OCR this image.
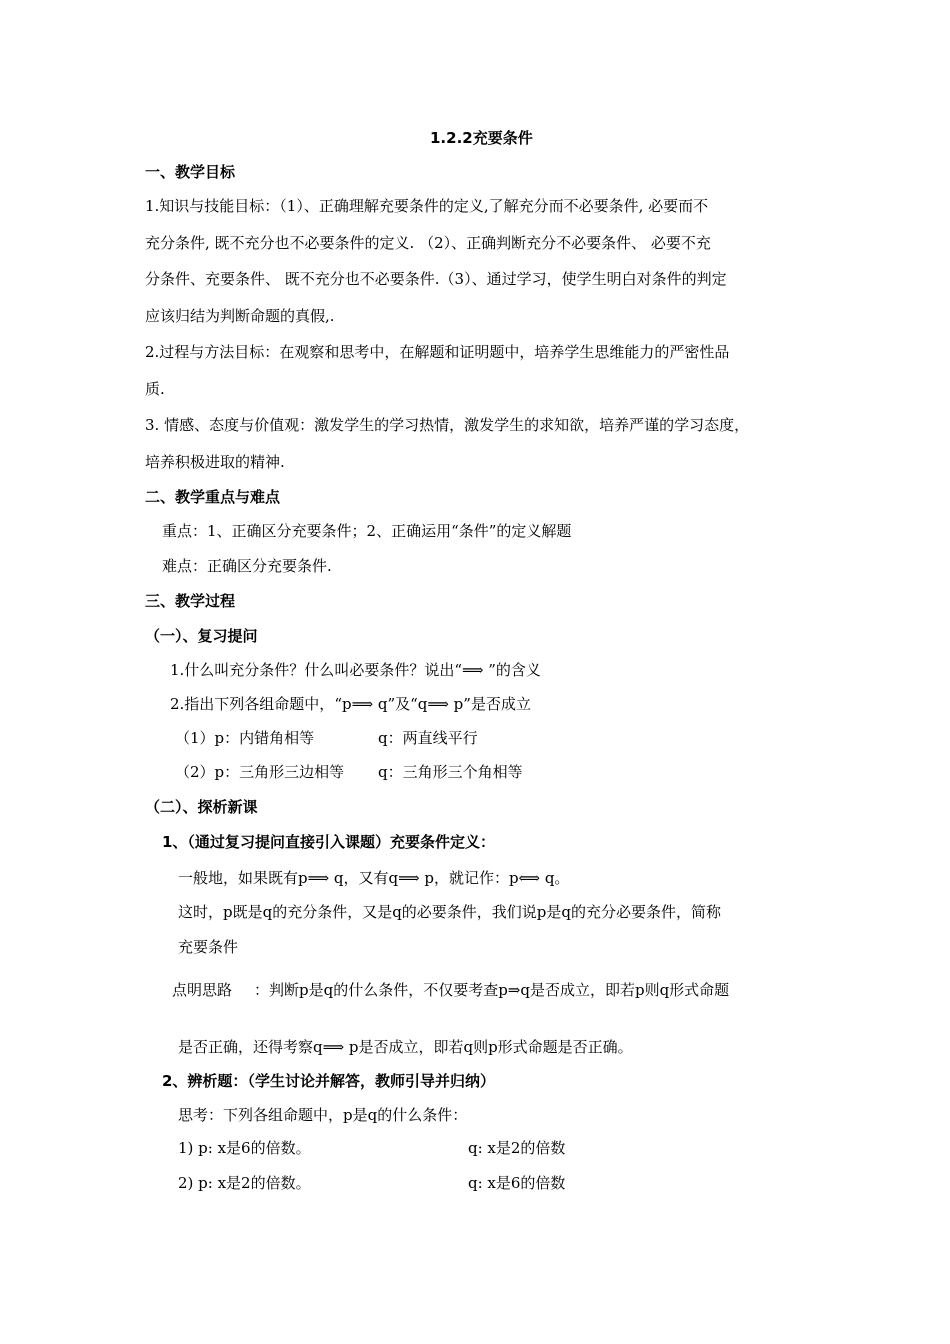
1.2.2充要条件
一、教学目标
1.知识与技能目标：（1）、正确理解充要条件的定义,了解充分而不必要条件, 必要而不
充分条件, 既不充分也不必要条件的定义. （2）、正确判断充分不必要条件、 必要不充
分条件、充要条件、 既不充分也不必要条件.（3）、通过学习，使学生明白对条件的判定
应该归结为判断命题的真假,.
2.过程与方法目标：在观察和思考中，在解题和证明题中，培养学生思维能力的严密性品
质.
3. 情感、态度与价值观：激发学生的学习热情，激发学生的求知欲，培养严谨的学习态度，
培养积极进取的精神.
二、教学重点与难点
重点：1、正确区分充要条件；2、正确运用“条件”的定义解题
难点：正确区分充要条件.
三、教学过程
（一）、复习提问
1.什么叫充分条件？什么叫必要条件？说出“⟹ ”的含义
2.指出下列各组命题中，“p⟹ q”及“q⟹ p”是否成立
（1）p：内错角相等	q：两直线平行
（2）p：三角形三边相等 q：三角形三个角相等
（二）、探析新课
1、（通过复习提问直接引入课题）充要条件定义：
一般地，如果既有p⟹ q，又有q⟹ p，就记作：p⟺ q。
这时，p既是q的充分条件，又是q的必要条件，我们说p是q的充分必要条件，简称
充要条件
点明思路 ：判断p是q的什么条件，不仅要考查p⇒q是否成立，即若p则q形式命题
是否正确，还得考察q⟹ p是否成立，即若q则p形式命题是否正确。
2、辨析题：（学生讨论并解答，教师引导并归纳）
思考：下列各组命题中，p是q的什么条件：
1) p: x是6的倍数。	q: x是2的倍数
2) p: x是2的倍数。	q: x是6的倍数
